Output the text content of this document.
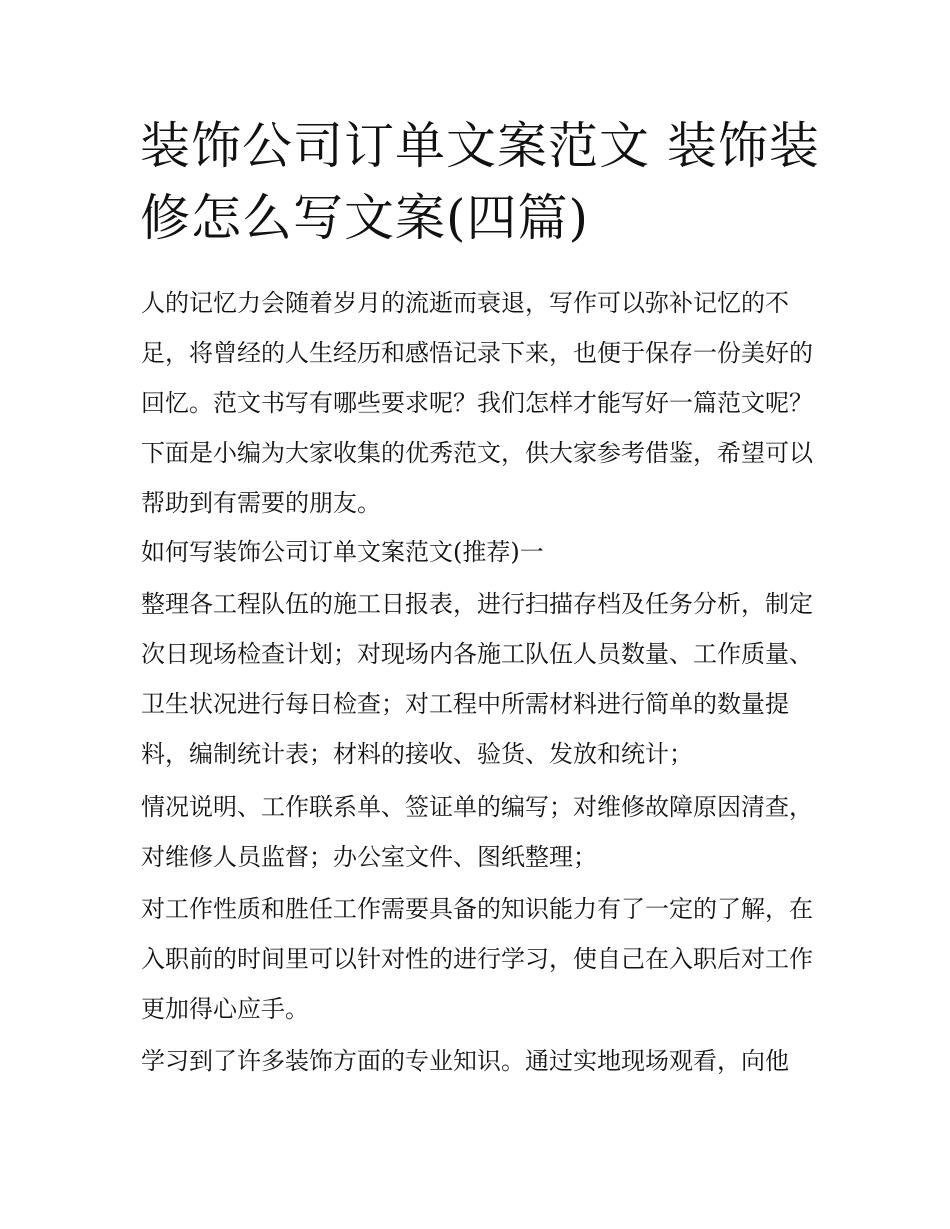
装饰公司订单文案范文 装饰装修怎么写文案(四篇)

人的记忆力会随着岁月的流逝而衰退，写作可以弥补记忆的不足，将曾经的人生经历和感悟记录下来，也便于保存一份美好的回忆。范文书写有哪些要求呢？我们怎样才能写好一篇范文呢？下面是小编为大家收集的优秀范文，供大家参考借鉴，希望可以帮助到有需要的朋友。

如何写装饰公司订单文案范文(推荐)一

整理各工程队伍的施工日报表，进行扫描存档及任务分析，制定次日现场检查计划；对现场内各施工队伍人员数量、工作质量、卫生状况进行每日检查；对工程中所需材料进行简单的数量提料，编制统计表；材料的接收、验货、发放和统计；

情况说明、工作联系单、签证单的编写；对维修故障原因清查，对维修人员监督；办公室文件、图纸整理；

对工作性质和胜任工作需要具备的知识能力有了一定的了解，在入职前的时间里可以针对性的进行学习，使自己在入职后对工作更加得心应手。

学习到了许多装饰方面的专业知识。通过实地现场观看，向他
